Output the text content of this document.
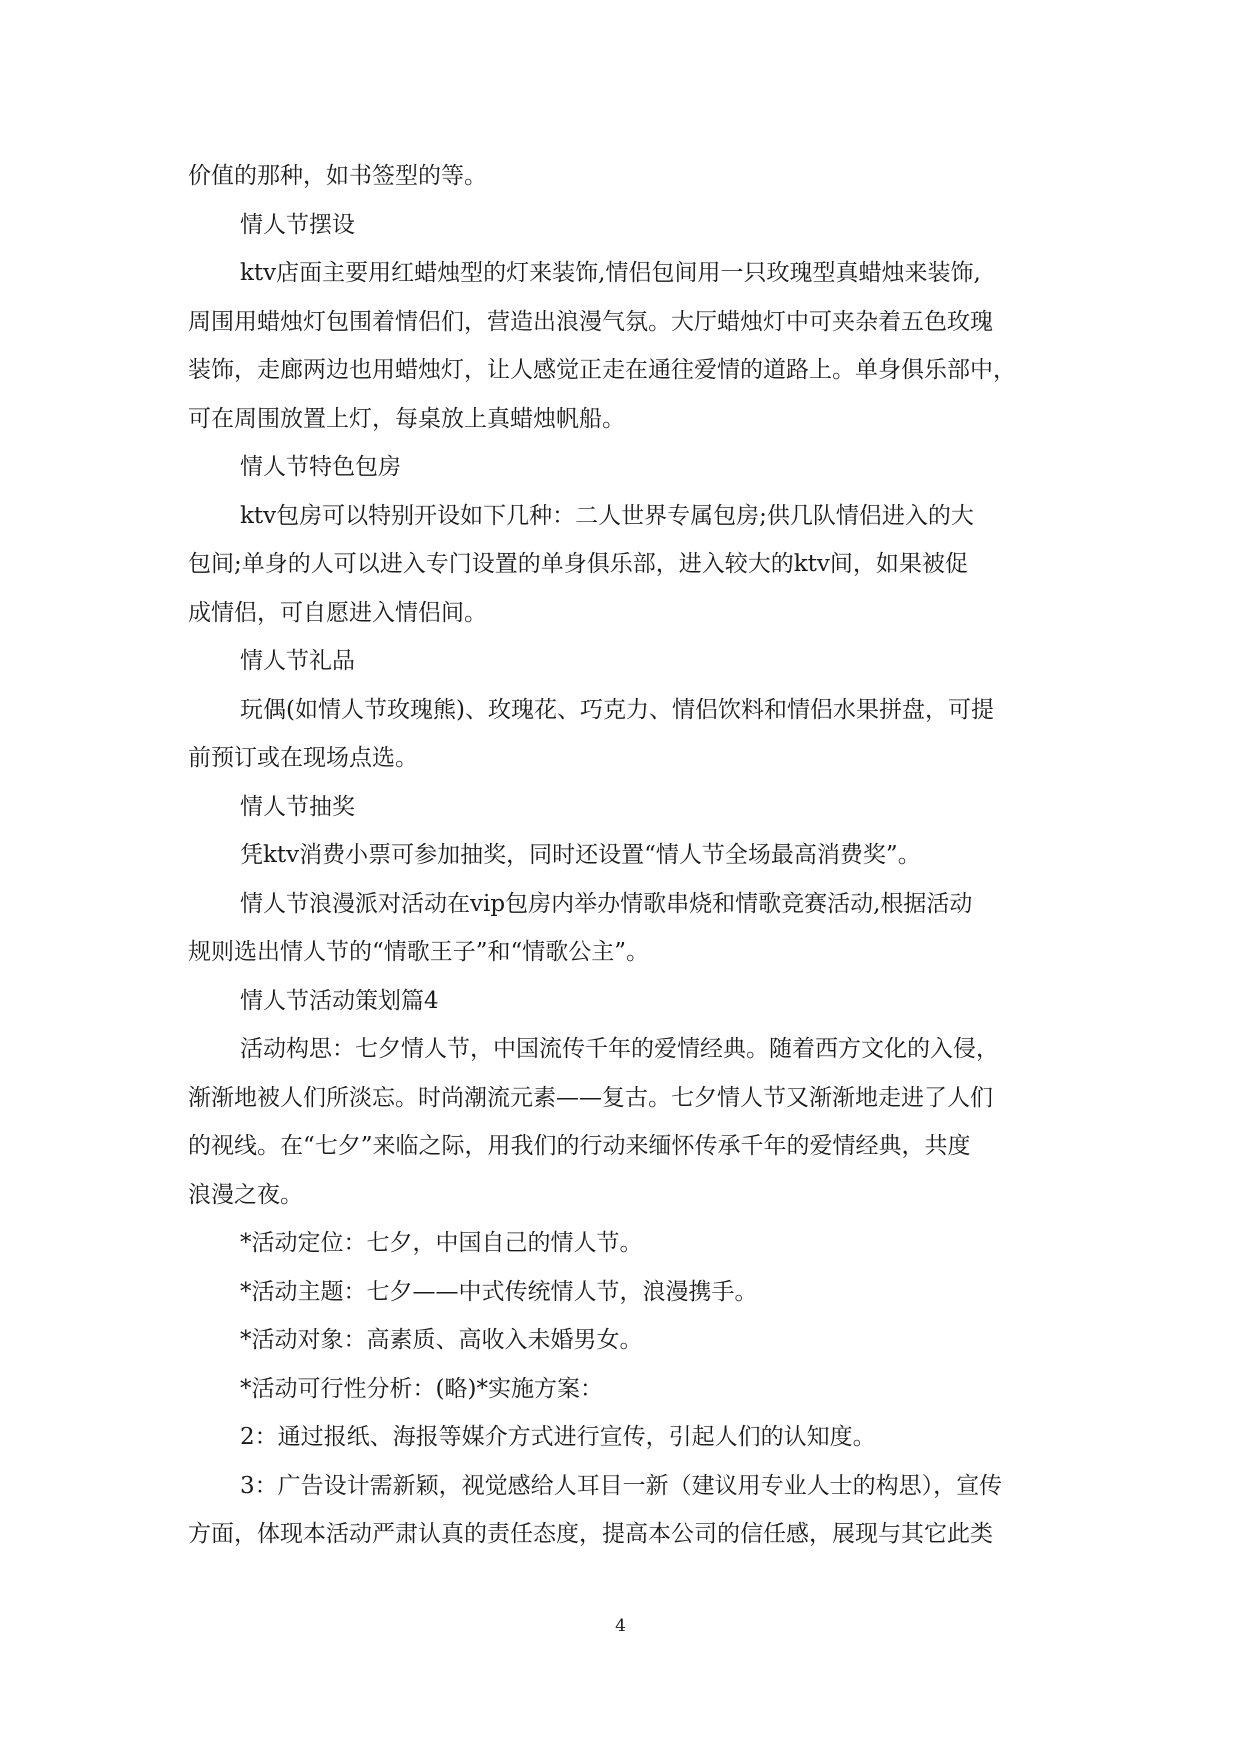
价值的那种，如书签型的等。
情人节摆设
ktv店面主要用红蜡烛型的灯来装饰,情侣包间用一只玫瑰型真蜡烛来装饰,
周围用蜡烛灯包围着情侣们，营造出浪漫气氛。大厅蜡烛灯中可夹杂着五色玫瑰
装饰，走廊两边也用蜡烛灯，让人感觉正走在通往爱情的道路上。单身俱乐部中，
可在周围放置上灯，每桌放上真蜡烛帆船。
情人节特色包房
ktv包房可以特别开设如下几种：二人世界专属包房;供几队情侣进入的大
包间;单身的人可以进入专门设置的单身俱乐部，进入较大的ktv间，如果被促
成情侣，可自愿进入情侣间。
情人节礼品
玩偶(如情人节玫瑰熊)、玫瑰花、巧克力、情侣饮料和情侣水果拼盘，可提
前预订或在现场点选。
情人节抽奖
凭ktv消费小票可参加抽奖，同时还设置“情人节全场最高消费奖”。
情人节浪漫派对活动在vip包房内举办情歌串烧和情歌竞赛活动,根据活动
规则选出情人节的“情歌王子”和“情歌公主”。
情人节活动策划篇4
活动构思：七夕情人节，中国流传千年的爱情经典。随着西方文化的入侵，
渐渐地被人们所淡忘。时尚潮流元素——复古。七夕情人节又渐渐地走进了人们
的视线。在“七夕”来临之际，用我们的行动来缅怀传承千年的爱情经典，共度
浪漫之夜。
*活动定位：七夕，中国自己的情人节。
*活动主题：七夕——中式传统情人节，浪漫携手。
*活动对象：高素质、高收入未婚男女。
*活动可行性分析：(略)*实施方案：
2：通过报纸、海报等媒介方式进行宣传，引起人们的认知度。
3：广告设计需新颖，视觉感给人耳目一新（建议用专业人士的构思），宣传
方面，体现本活动严肃认真的责任态度，提高本公司的信任感，展现与其它此类
4
